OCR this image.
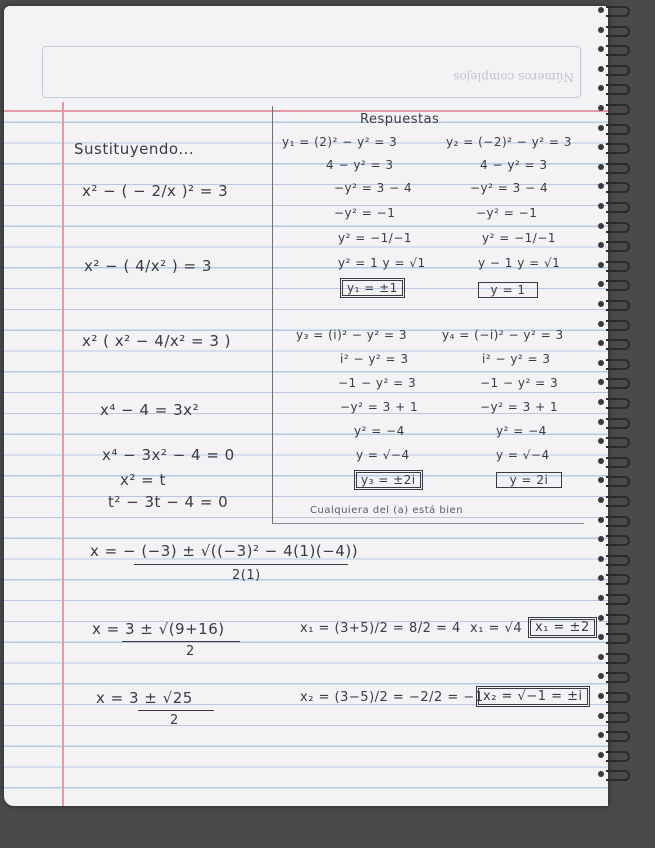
Números complejos
Sustituyendo...
x² − ( − 2/x )² = 3
x² − ( 4/x² ) = 3
x² ( x² − 4/x² = 3 )
x⁴ − 4 = 3x²
x⁴ − 3x² − 4 = 0
x² = t
t² − 3t − 4 = 0
Respuestas
y₁ = (2)² − y² = 3
4 − y² = 3
−y² = 3 − 4
−y² = −1
y² = −1/−1
y² = 1 y = √1
y₁ = ±1
y₂ = (−2)² − y² = 3
4 − y² = 3
−y² = 3 − 4
−y² = −1
y² = −1/−1
y − 1 y = √1
y = 1
y₃ = (i)² − y² = 3
i² − y² = 3
−1 − y² = 3
−y² = 3 + 1
y² = −4
y = √−4
y₃ = ±2i
y₄ = (−i)² − y² = 3
i² − y² = 3
−1 − y² = 3
−y² = 3 + 1
y² = −4
y = √−4
y = 2i
Cualquiera del (a) está bien
x = − (−3) ± √((−3)² − 4(1)(−4))
2(1)
x = 3 ± √(9+16)
2
x₁ = (3+5)/2 = 8/2 = 4 x₁ = √4 x₁ = ±2
x = 3 ± √25
2
x₂ = (3−5)/2 = −2/2 = −1 x₂ = √−1 = ±i
